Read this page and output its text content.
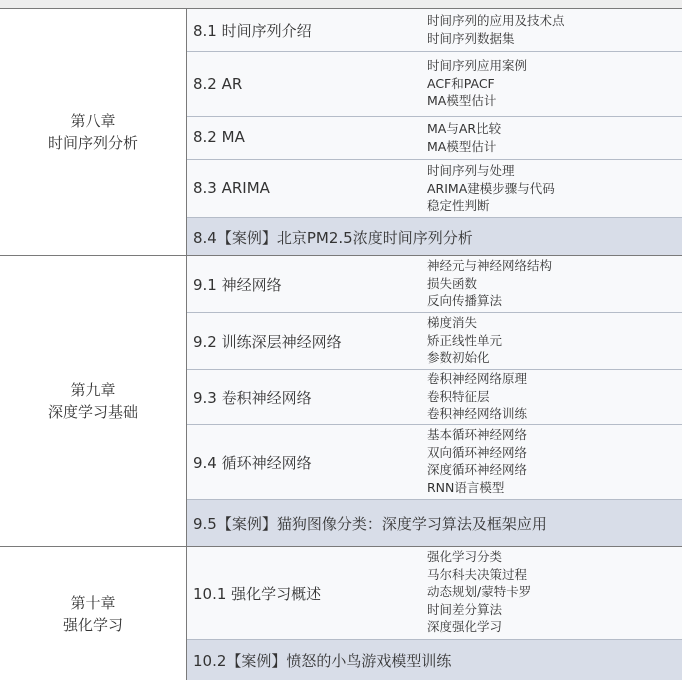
第八章
时间序列分析
8.1 时间序列介绍
时间序列的应用及技术点
时间序列数据集
8.2 AR
时间序列应用案例
ACF和PACF
MA模型估计
8.2 MA	MA与AR比较
MA模型估计
8.3 ARIMA
时间序列与处理
ARIMA建模步骤与代码
稳定性判断
8.4【案例】北京PM2.5浓度时间序列分析
第九章
深度学习基础
9.1 神经网络
神经元与神经网络结构
损失函数
反向传播算法
9.2 训练深层神经网络
梯度消失
矫正线性单元
参数初始化
9.3 卷积神经网络
卷积神经网络原理
卷积特征层
卷积神经网络训练
9.4 循环神经网络
基本循环神经网络
双向循环神经网络
深度循环神经网络
RNN语言模型
9.5【案例】猫狗图像分类：深度学习算法及框架应用
第十章
强化学习
10.1 强化学习概述
强化学习分类
马尔科夫决策过程
动态规划/蒙特卡罗
时间差分算法
深度强化学习
10.2【案例】愤怒的小鸟游戏模型训练
